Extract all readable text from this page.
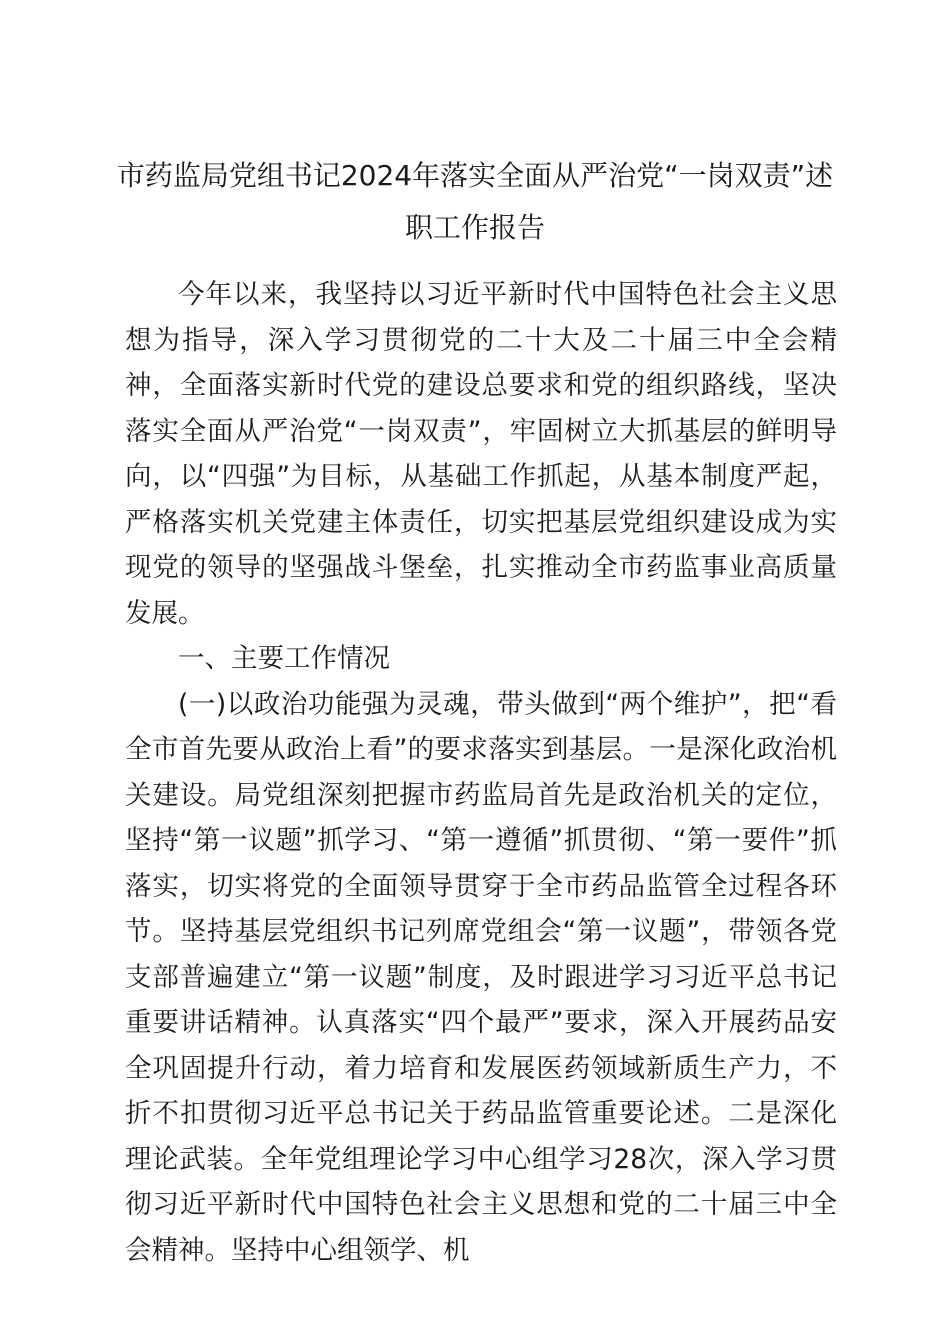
市药监局党组书记2024年落实全面从严治党“一岗双责”述职工作报告

今年以来，我坚持以习近平新时代中国特色社会主义思想为指导，深入学习贯彻党的二十大及二十届三中全会精神，全面落实新时代党的建设总要求和党的组织路线，坚决落实全面从严治党“一岗双责”，牢固树立大抓基层的鲜明导向，以“四强”为目标，从基础工作抓起，从基本制度严起，严格落实机关党建主体责任，切实把基层党组织建设成为实现党的领导的坚强战斗堡垒，扎实推动全市药监事业高质量发展。

一、主要工作情况

(一)以政治功能强为灵魂，带头做到“两个维护”，把“看全市首先要从政治上看”的要求落实到基层。一是深化政治机关建设。局党组深刻把握市药监局首先是政治机关的定位，坚持“第一议题”抓学习、“第一遵循”抓贯彻、“第一要件”抓落实，切实将党的全面领导贯穿于全市药品监管全过程各环节。坚持基层党组织书记列席党组会“第一议题”，带领各党支部普遍建立“第一议题”制度，及时跟进学习习近平总书记重要讲话精神。认真落实“四个最严”要求，深入开展药品安全巩固提升行动，着力培育和发展医药领域新质生产力，不折不扣贯彻习近平总书记关于药品监管重要论述。二是深化理论武装。全年党组理论学习中心组学习28次，深入学习贯彻习近平新时代中国特色社会主义思想和党的二十届三中全会精神。坚持中心组领学、机
